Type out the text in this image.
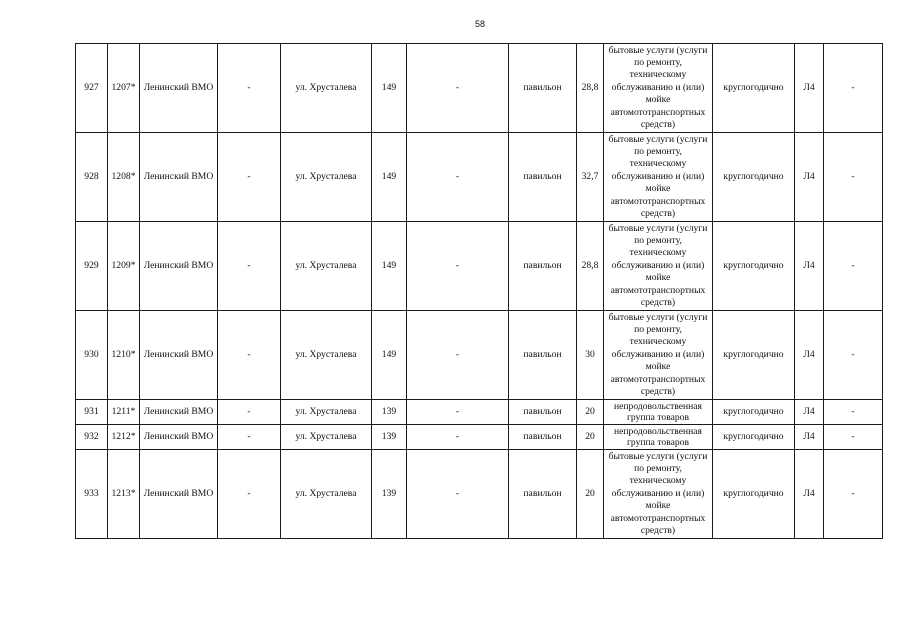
58
927	1207*	Ленинский ВМО	-	ул. Хрусталева	149	-	павильон	28,8	бытовые услуги (услуги по ремонту, техническому обслуживанию и (или) мойке автомототранспортных средств)	круглогодично	Л4	-
928	1208*	Ленинский ВМО	-	ул. Хрусталева	149	-	павильон	32,7	бытовые услуги (услуги по ремонту, техническому обслуживанию и (или) мойке автомототранспортных средств)	круглогодично	Л4	-
929	1209*	Ленинский ВМО	-	ул. Хрусталева	149	-	павильон	28,8	бытовые услуги (услуги по ремонту, техническому обслуживанию и (или) мойке автомототранспортных средств)	круглогодично	Л4	-
930	1210*	Ленинский ВМО	-	ул. Хрусталева	149	-	павильон	30	бытовые услуги (услуги по ремонту, техническому обслуживанию и (или) мойке автомототранспортных средств)	круглогодично	Л4	-
931	1211*	Ленинский ВМО	-	ул. Хрусталева	139	-	павильон	20	непродовольственная группа товаров	круглогодично	Л4	-
932	1212*	Ленинский ВМО	-	ул. Хрусталева	139	-	павильон	20	непродовольственная группа товаров	круглогодично	Л4	-
933	1213*	Ленинский ВМО	-	ул. Хрусталева	139	-	павильон	20	бытовые услуги (услуги по ремонту, техническому обслуживанию и (или) мойке автомототранспортных средств)	круглогодично	Л4	-
